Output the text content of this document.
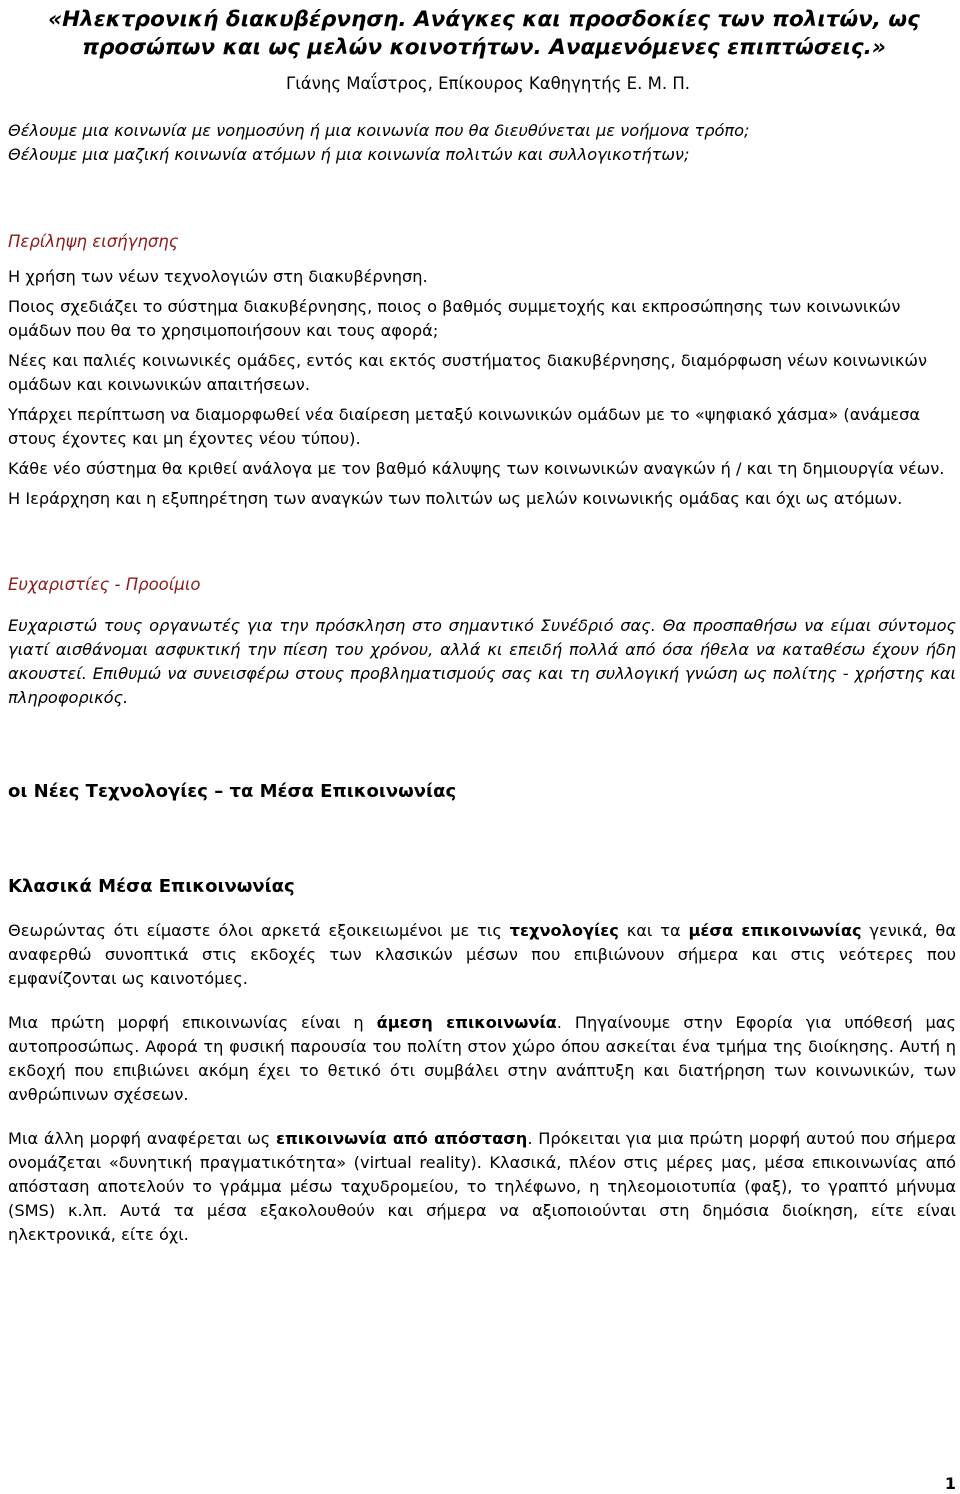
«Ηλεκτρονική διακυβέρνηση. Ανάγκες και προσδοκίες των πολιτών, ως
προσώπων και ως μελών κοινοτήτων. Αναμενόμενες επιπτώσεις.»
Γιάνης Μαΐστρος, Επίκουρος Καθηγητής Ε. Μ. Π.
Θέλουμε μια κοινωνία με νοημοσύνη ή μια κοινωνία που θα διευθύνεται με νοήμονα τρόπο;
Θέλουμε μια μαζική κοινωνία ατόμων ή μια κοινωνία πολιτών και συλλογικοτήτων;
Περίληψη εισήγησης

Η χρήση των νέων τεχνολογιών στη διακυβέρνηση.

Ποιος σχεδιάζει το σύστημα διακυβέρνησης, ποιος ο βαθμός συμμετοχής και εκπροσώπησης των κοινωνικών ομάδων που θα το χρησιμοποιήσουν και τους αφορά;

Νέες και παλιές κοινωνικές ομάδες, εντός και εκτός συστήματος διακυβέρνησης, διαμόρφωση νέων κοινωνικών ομάδων και κοινωνικών απαιτήσεων.

Υπάρχει περίπτωση να διαμορφωθεί νέα διαίρεση μεταξύ κοινωνικών ομάδων με το «ψηφιακό χάσμα» (ανάμεσα στους έχοντες και μη έχοντες νέου τύπου).

Κάθε νέο σύστημα θα κριθεί ανάλογα με τον βαθμό κάλυψης των κοινωνικών αναγκών ή / και τη δημιουργία νέων.

Η Ιεράρχηση και η εξυπηρέτηση των αναγκών των πολιτών ως μελών κοινωνικής ομάδας και όχι ως ατόμων.

Ευχαριστίες - Προοίμιο

Ευχαριστώ τους οργανωτές για την πρόσκληση στο σημαντικό Συνέδριό σας. Θα προσπαθήσω να είμαι σύντομος γιατί αισθάνομαι ασφυκτική την πίεση του χρόνου, αλλά κι επειδή πολλά από όσα ήθελα να καταθέσω έχουν ήδη ακουστεί. Επιθυμώ να συνεισφέρω στους προβληματισμούς σας και τη συλλογική γνώση ως πολίτης - χρήστης και πληροφορικός.

οι Νέες Τεχνολογίες – τα Μέσα Επικοινωνίας
Κλασικά Μέσα Επικοινωνίας

Θεωρώντας ότι είμαστε όλοι αρκετά εξοικειωμένοι με τις τεχνολογίες και τα μέσα επικοινωνίας γενικά, θα αναφερθώ συνοπτικά στις εκδοχές των κλασικών μέσων που επιβιώνουν σήμερα και στις νεότερες που εμφανίζονται ως καινοτόμες.

Μια πρώτη μορφή επικοινωνίας είναι η άμεση επικοινωνία. Πηγαίνουμε στην Εφορία για υπόθεσή μας αυτοπροσώπως. Αφορά τη φυσική παρουσία του πολίτη στον χώρο όπου ασκείται ένα τμήμα της διοίκησης. Αυτή η εκδοχή που επιβιώνει ακόμη έχει το θετικό ότι συμβάλει στην ανάπτυξη και διατήρηση των κοινωνικών, των ανθρώπινων σχέσεων.

Μια άλλη μορφή αναφέρεται ως επικοινωνία από απόσταση. Πρόκειται για μια πρώτη μορφή αυτού που σήμερα ονομάζεται «δυνητική πραγματικότητα» (virtual reality). Κλασικά, πλέον στις μέρες μας, μέσα επικοινωνίας από απόσταση αποτελούν το γράμμα μέσω ταχυδρομείου, το τηλέφωνο, η τηλεομοιοτυπία (φαξ), το γραπτό μήνυμα (SMS) κ.λπ. Αυτά τα μέσα εξακολουθούν και σήμερα να αξιοποιούνται στη δημόσια διοίκηση, είτε είναι ηλεκτρονικά, είτε όχι.

1
